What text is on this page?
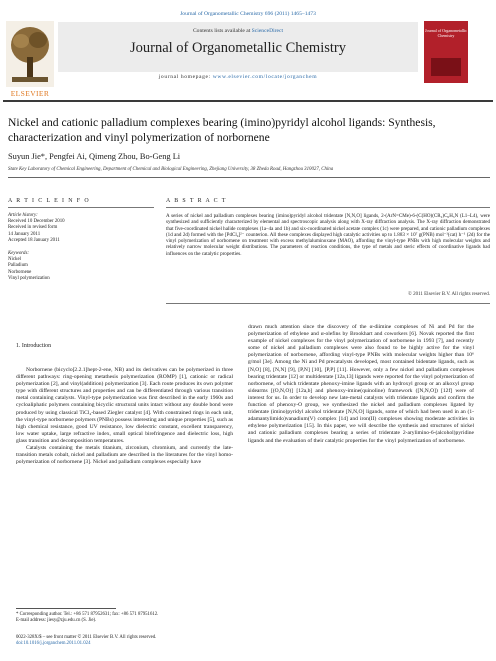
Journal of Organometallic Chemistry 696 (2011) 1465–1473
Contents lists available at ScienceDirect
Journal of Organometallic Chemistry
journal homepage: www.elsevier.com/locate/jorganchem
ELSEVIER
Journal of Organometallic Chemistry
Nickel and cationic palladium complexes bearing (imino)pyridyl alcohol ligands: Synthesis, characterization and vinyl polymerization of norbornene
Suyun Jie*, Pengfei Ai, Qimeng Zhou, Bo-Geng Li
State Key Laboratory of Chemical Engineering, Department of Chemical and Biological Engineering, Zhejiang University, 38 Zheda Road, Hangzhou 310027, China
A R T I C L E I N F O	A B S T R A C T
Article history:
Received 10 December 2010
Received in revised form
14 January 2011
Accepted 18 January 2011
Keywords:
Nickel
Palladium
Norbornene
Vinyl polymerization
A series of nickel and palladium complexes bearing (imino)pyridyl alcohol tridentate [N,N,O] ligands, 2-(ArN=CMe)-6-(C(HO)(CR₂)C₆H₅N (L1–L4), were synthesized and sufficiently characterized by elemental and spectroscopic analysis along with X-ray diffraction analysis. The X-ray diffraction demonstrated that five-coordinated nickel halide complexes (1a–4a and 1b) and six-coordinated nickel acetate complex (1c) were prepared, and cationic palladium complexes (1d and 2d) formed with the [PdCl₄]²⁻ counterion. All these complexes displayed high catalytic activities up to 1.883 × 10⁷ g(PNB) mol⁻¹(cat) h⁻¹ (2d) for the vinyl polymerization of norbornene on treatment with excess methylaluminoxane (MAO), affording the vinyl-type PNBs with high molecular weights and relatively narrow molecular weight distributions. The parameters of reaction conditions, the type of metals and steric effects of coordinative ligands had influences on the catalytic properties.
© 2011 Elsevier B.V. All rights reserved.
1. Introduction

Norbornene (bicyclo[2.2.1]hept-2-ene, NB) and its derivatives can be polymerized in three different pathways: ring-opening metathesis polymerization (ROMP) [1], cationic or radical polymerization [2], and vinyl(addition) polymerization [3]. Each route produces its own polymer type with different structures and properties and can be differentiated through various transition metal containing catalysts. Vinyl-type polymerization was first described in the early 1960s and cycloaliphatic polymers containing bicyclic structural units intact without any double bond were produced by using classical TiCl₄-based Ziegler catalyst [4]. With constrained rings in each unit, the vinyl-type norbornene polymers (PNBs) possess interesting and unique properties [5], such as high chemical resistance, good UV resistance, low dielectric constant, excellent transparency, low water uptake, large refractive index, small optical birefringence and dielectric loss, high glass transition and decomposition temperatures.

Catalysts containing the metals titanium, zirconium, chromium, and currently the late-transition metals cobalt, nickel and palladium are described in the literatures for the vinyl homo-polymerization of norbornene [3]. Nickel and palladium complexes especially have

drawn much attention since the discovery of the α-diimine complexes of Ni and Pd for the polymerization of ethylene and α-olefins by Brookhart and coworkers [6]. Novak reported the first example of nickel complexes for the vinyl polymerization of norbornene in 1993 [7], and recently some of nickel and palladium complexes were also found to be highly active for the vinyl polymerization of norbornene, affording vinyl-type PNBs with molecular weights higher than 10⁶ g/mol [3e]. Among the Ni and Pd precatalysts developed, most contained bidentate ligands, such as [N,O] [8], [N,N] [9], [P,N] [10], [P,P] [11]. However, only a few nickel and palladium complexes bearing tridentate [12] or multidentate [12a,13] ligands were reported for the vinyl polymerization of norbornene, of which tridentate phenoxy-imine ligands with an hydroxyl group or an alkoxyl group sidearms [(O,N,O)] [12a,b] and phenoxy-imine(quinoline) framework ([N,N,O]) [12f] were of interest for us. In order to develop new late-metal catalysts with tridentate ligands and confirm the function of phenoxy-O group, we synthesized the nickel and palladium complexes ligated by tridentate (imino)pyridyl alcohol tridentate [N,N,O] ligands, some of which had been used in an (1-adamantylimido)vanadium(V) complex [14] and iron(II) complexes showing moderate activities in ethylene polymerization [15]. In this paper, we will describe the synthesis and structures of nickel and cationic palladium complexes bearing a series of tridentate 2-arylimino-6-(alcohol)pyridine ligands and the evaluation of their catalytic properties for the vinyl polymerization of norbornene.

* Corresponding author. Tel.: +86 571 87952631; fax: +86 571 87951612.
E-mail address: jiesy@zju.edu.cn (S. Jie).
0022-328X/$ – see front matter © 2011 Elsevier B.V. All rights reserved.
doi:10.1016/j.jorganchem.2011.01.024
